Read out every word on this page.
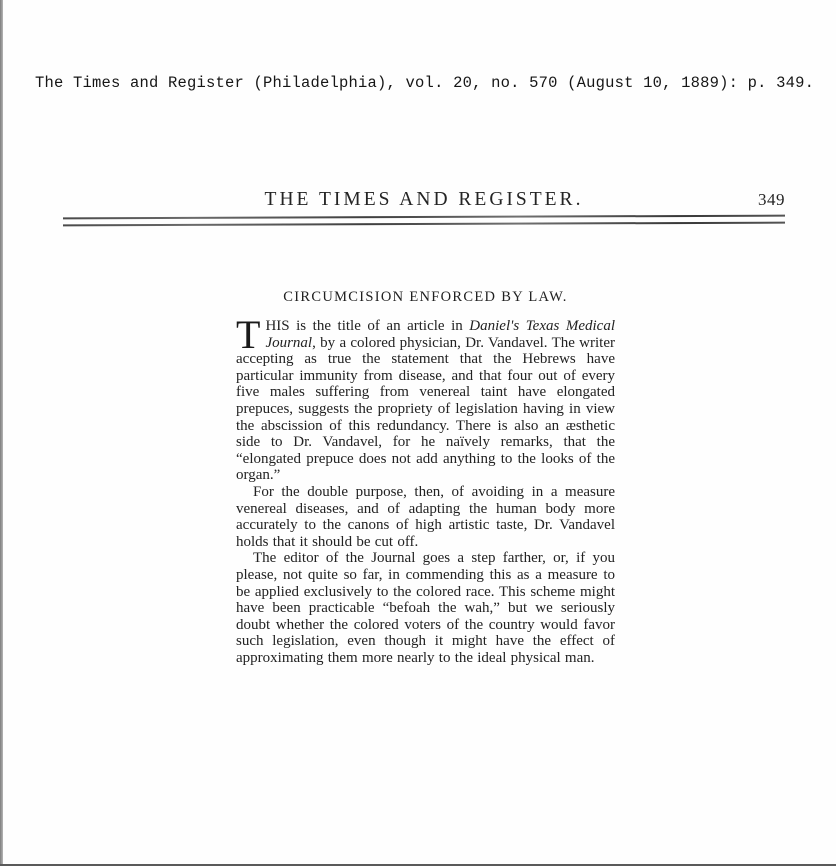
The Times and Register (Philadelphia), vol. 20, no. 570 (August 10, 1889): p. 349.
THE TIMES AND REGISTER.	349
CIRCUMCISION ENFORCED BY LAW.

THIS is the title of an article in Daniel's Texas Medical Journal, by a colored physician, Dr. Vandavel. The writer accepting as true the statement that the Hebrews have particular immunity from disease, and that four out of every five males suffering from venereal taint have elongated prepuces, suggests the propriety of legislation having in view the abscission of this redundancy. There is also an æsthetic side to Dr. Vandavel, for he naïvely remarks, that the “elongated prepuce does not add anything to the looks of the organ.”

For the double purpose, then, of avoiding in a measure venereal diseases, and of adapting the human body more accurately to the canons of high artistic taste, Dr. Vandavel holds that it should be cut off.

The editor of the Journal goes a step farther, or, if you please, not quite so far, in commending this as a measure to be applied exclusively to the colored race. This scheme might have been practicable “befoah the wah,” but we seriously doubt whether the colored voters of the country would favor such legislation, even though it might have the effect of approximating them more nearly to the ideal physical man.
